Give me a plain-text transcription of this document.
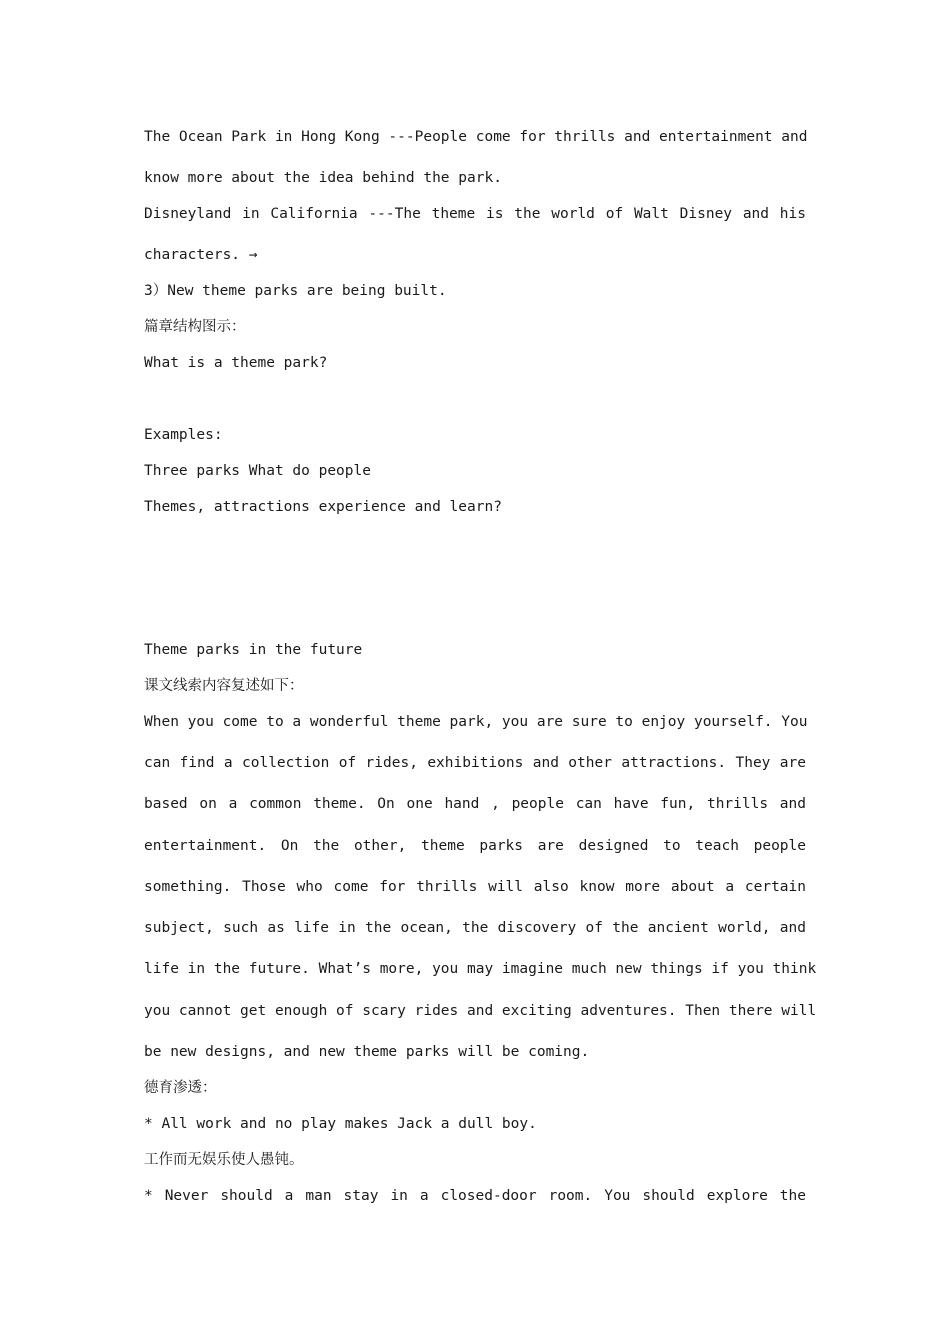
The Ocean Park in Hong Kong ---People come for thrills and entertainment and
know more about the idea behind the park.
Disneyland in California ---The theme is the world of Walt Disney and his
characters. →
3）New theme parks are being built.
篇章结构图示：
What is a theme park?
Examples:
Three parks What do people
Themes, attractions experience and learn?
Theme parks in the future
课文线索内容复述如下：
When you come to a wonderful theme park, you are sure to enjoy yourself. You
can find a collection of rides, exhibitions and other attractions. They are
based on a common theme. On one hand , people can have fun, thrills and
entertainment. On the other, theme parks are designed to teach people
something. Those who come for thrills will also know more about a certain
subject, such as life in the ocean, the discovery of the ancient world, and
life in the future. What’s more, you may imagine much new things if you think
you cannot get enough of scary rides and exciting adventures. Then there will
be new designs, and new theme parks will be coming.
德育渗透：
* All work and no play makes Jack a dull boy.
工作而无娱乐使人愚钝。
* Never should a man stay in a closed-door room. You should explore the
